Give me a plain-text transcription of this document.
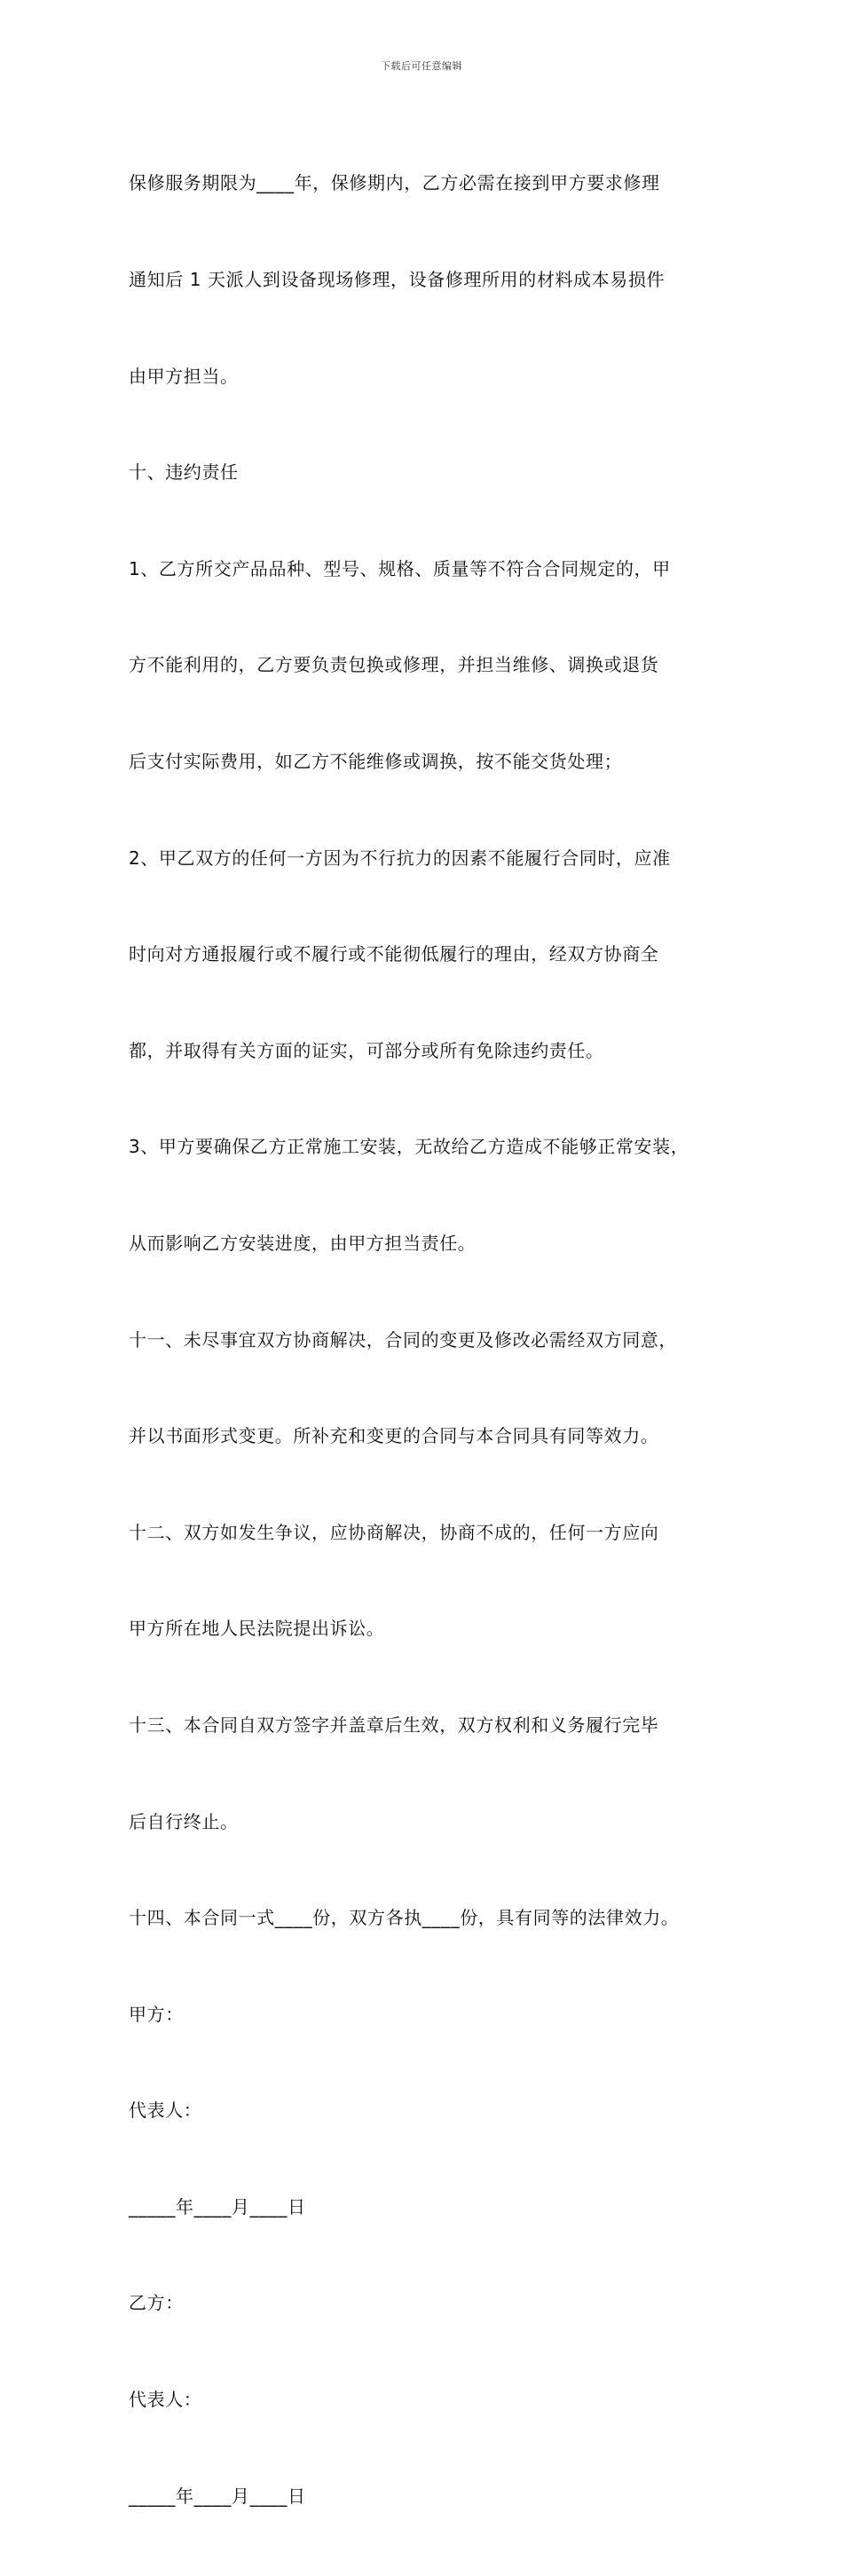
下载后可任意编辑

保修服务期限为____年，保修期内，乙方必需在接到甲方要求修理

通知后 1 天派人到设备现场修理，设备修理所用的材料成本易损件

由甲方担当。

十、违约责任

1、乙方所交产品品种、型号、规格、质量等不符合合同规定的，甲

方不能利用的，乙方要负责包换或修理，并担当维修、调换或退货

后支付实际费用，如乙方不能维修或调换，按不能交货处理；

2、甲乙双方的任何一方因为不行抗力的因素不能履行合同时，应准

时向对方通报履行或不履行或不能彻低履行的理由，经双方协商全

都，并取得有关方面的证实，可部分或所有免除违约责任。

3、甲方要确保乙方正常施工安装，无故给乙方造成不能够正常安装，

从而影响乙方安装进度，由甲方担当责任。

十一、未尽事宜双方协商解决，合同的变更及修改必需经双方同意，

并以书面形式变更。所补充和变更的合同与本合同具有同等效力。

十二、双方如发生争议，应协商解决，协商不成的，任何一方应向

甲方所在地人民法院提出诉讼。

十三、本合同自双方签字并盖章后生效，双方权利和义务履行完毕

后自行终止。

十四、本合同一式____份，双方各执____份，具有同等的法律效力。

甲方：

代表人：

_____年____月____日

乙方：

代表人：

_____年____月____日
